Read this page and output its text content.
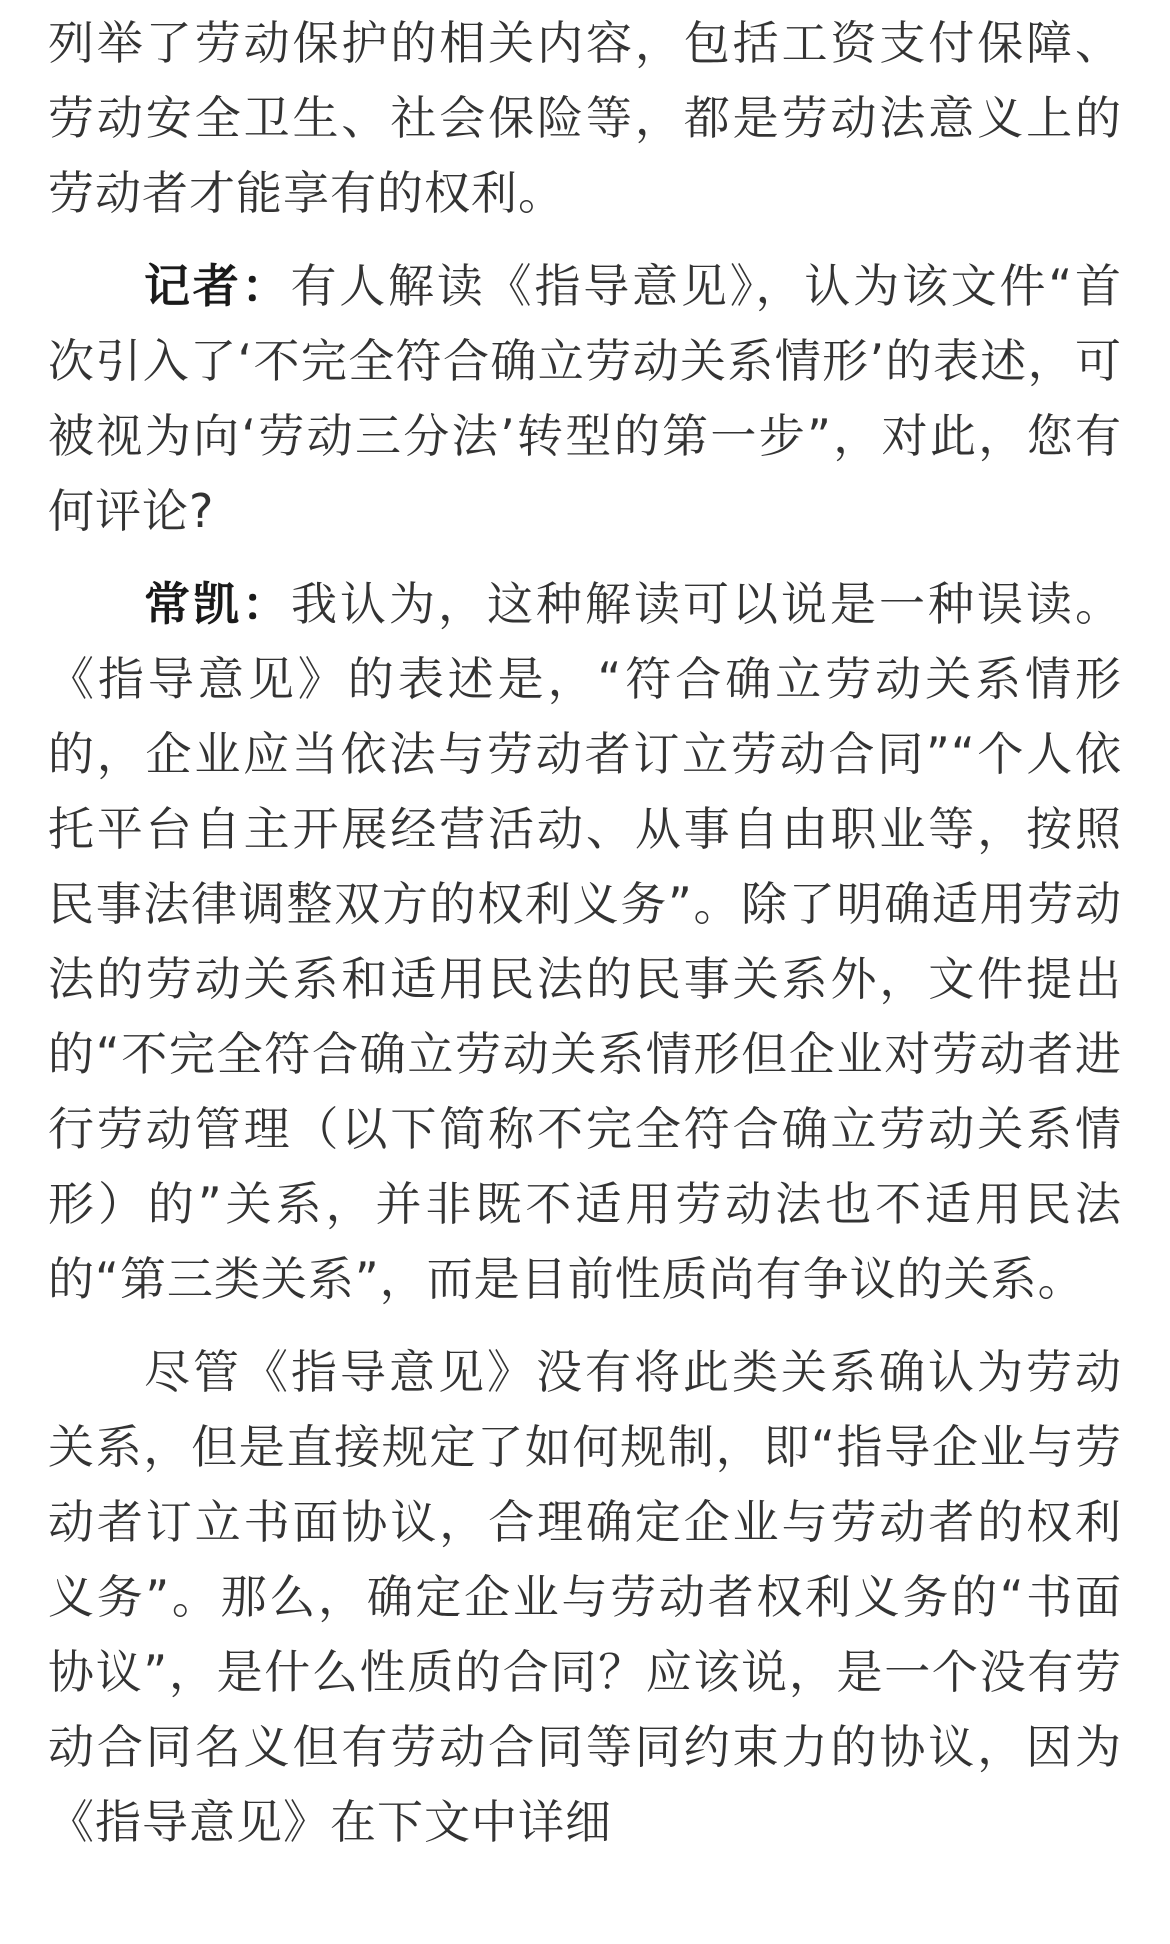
列举了劳动保护的相关内容，包括工资支付保障、劳动安全卫生、社会保险等，都是劳动法意义上的劳动者才能享有的权利。

记者：有人解读《指导意见》，认为该文件“首次引入了‘不完全符合确立劳动关系情形’的表述，可被视为向‘劳动三分法’转型的第一步”，对此，您有何评论?

常凯：我认为，这种解读可以说是一种误读。《指导意见》的表述是，“符合确立劳动关系情形的，企业应当依法与劳动者订立劳动合同”“个人依托平台自主开展经营活动、从事自由职业等，按照民事法律调整双方的权利义务”。除了明确适用劳动法的劳动关系和适用民法的民事关系外，文件提出的“不完全符合确立劳动关系情形但企业对劳动者进行劳动管理（以下简称不完全符合确立劳动关系情形）的”关系，并非既不适用劳动法也不适用民法的“第三类关系”，而是目前性质尚有争议的关系。

尽管《指导意见》没有将此类关系确认为劳动关系，但是直接规定了如何规制，即“指导企业与劳动者订立书面协议，合理确定企业与劳动者的权利义务”。那么，确定企业与劳动者权利义务的“书面协议”，是什么性质的合同？应该说，是一个没有劳动合同名义但有劳动合同等同约束力的协议，因为《指导意见》在下文中详细
